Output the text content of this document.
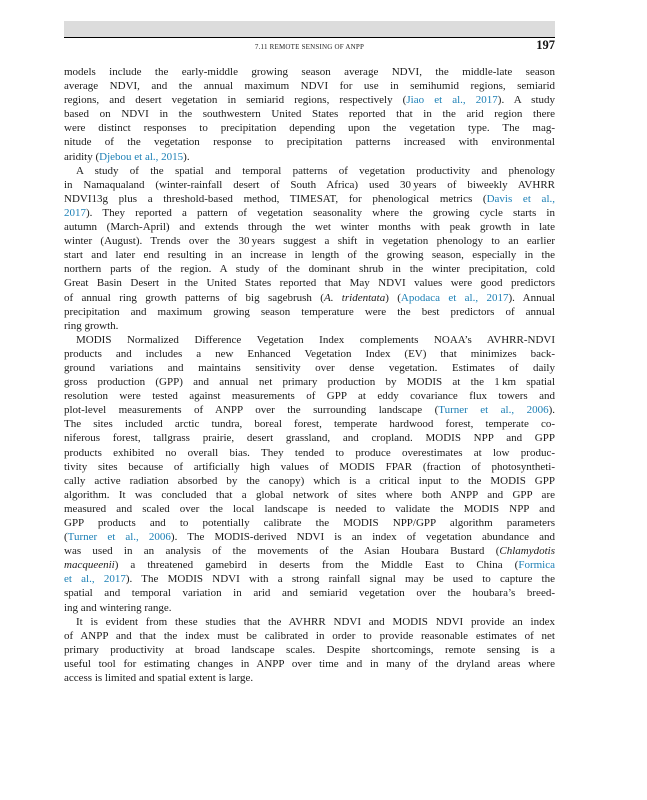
7.11 REMOTE SENSING OF ANPP	197
models include the early-middle growing season average NDVI, the middle-late season
average NDVI, and the annual maximum NDVI for use in semihumid regions, semiarid
regions, and desert vegetation in semiarid regions, respectively (Jiao et al., 2017). A study
based on NDVI in the southwestern United States reported that in the arid region there
were distinct responses to precipitation depending upon the vegetation type. The mag-
nitude of the vegetation response to precipitation patterns increased with environmental
aridity (Djebou et al., 2015).
A study of the spatial and temporal patterns of vegetation productivity and phenology
in Namaqualand (winter-rainfall desert of South Africa) used 30 years of biweekly AVHRR
NDVI13g plus a threshold-based method, TIMESAT, for phenological metrics (Davis et al.,
2017). They reported a pattern of vegetation seasonality where the growing cycle starts in
autumn (March-April) and extends through the wet winter months with peak growth in late
winter (August). Trends over the 30 years suggest a shift in vegetation phenology to an earlier
start and later end resulting in an increase in length of the growing season, especially in the
northern parts of the region. A study of the dominant shrub in the winter precipitation, cold
Great Basin Desert in the United States reported that May NDVI values were good predictors
of annual ring growth patterns of big sagebrush (A. tridentata) (Apodaca et al., 2017). Annual
precipitation and maximum growing season temperature were the best predictors of annual
ring growth.
MODIS Normalized Difference Vegetation Index complements NOAA’s AVHRR-NDVI
products and includes a new Enhanced Vegetation Index (EV) that minimizes back-
ground variations and maintains sensitivity over dense vegetation. Estimates of daily
gross production (GPP) and annual net primary production by MODIS at the 1 km spatial
resolution were tested against measurements of GPP at eddy covariance flux towers and
plot-level measurements of ANPP over the surrounding landscape (Turner et al., 2006).
The sites included arctic tundra, boreal forest, temperate hardwood forest, temperate co-
niferous forest, tallgrass prairie, desert grassland, and cropland. MODIS NPP and GPP
products exhibited no overall bias. They tended to produce overestimates at low produc-
tivity sites because of artificially high values of MODIS FPAR (fraction of photosyntheti-
cally active radiation absorbed by the canopy) which is a critical input to the MODIS GPP
algorithm. It was concluded that a global network of sites where both ANPP and GPP are
measured and scaled over the local landscape is needed to validate the MODIS NPP and
GPP products and to potentially calibrate the MODIS NPP/GPP algorithm parameters
(Turner et al., 2006). The MODIS-derived NDVI is an index of vegetation abundance and
was used in an analysis of the movements of the Asian Houbara Bustard (Chlamydotis
macqueenii) a threatened gamebird in deserts from the Middle East to China (Formica
et al., 2017). The MODIS NDVI with a strong rainfall signal may be used to capture the
spatial and temporal variation in arid and semiarid vegetation over the houbara’s breed-
ing and wintering range.
It is evident from these studies that the AVHRR NDVI and MODIS NDVI provide an index
of ANPP and that the index must be calibrated in order to provide reasonable estimates of net
primary productivity at broad landscape scales. Despite shortcomings, remote sensing is a
useful tool for estimating changes in ANPP over time and in many of the dryland areas where
access is limited and spatial extent is large.
